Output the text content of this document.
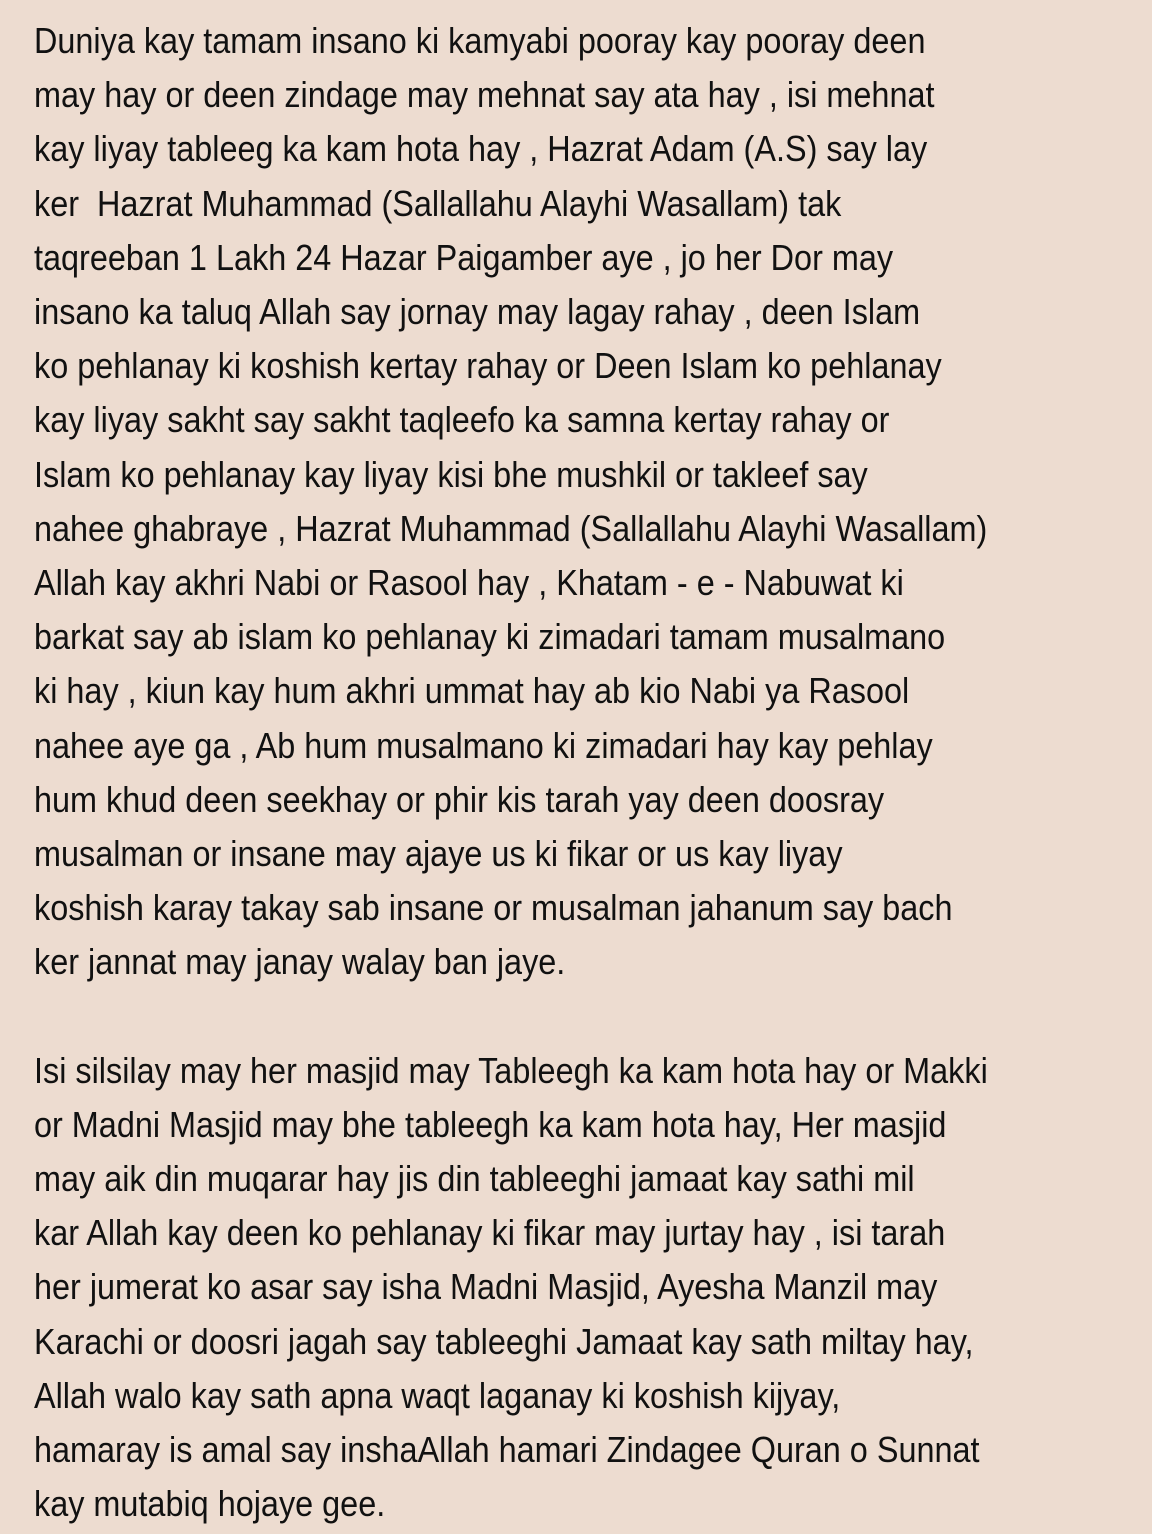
Duniya kay tamam insano ki kamyabi pooray kay pooray deen
may hay or deen zindage may mehnat say ata hay , isi mehnat
kay liyay tableeg ka kam hota hay , Hazrat Adam (A.S) say lay
ker  Hazrat Muhammad (Sallallahu Alayhi Wasallam) tak
taqreeban 1 Lakh 24 Hazar Paigamber aye , jo her Dor may
insano ka taluq Allah say jornay may lagay rahay , deen Islam
ko pehlanay ki koshish kertay rahay or Deen Islam ko pehlanay
kay liyay sakht say sakht taqleefo ka samna kertay rahay or
Islam ko pehlanay kay liyay kisi bhe mushkil or takleef say
nahee ghabraye , Hazrat Muhammad (Sallallahu Alayhi Wasallam)
Allah kay akhri Nabi or Rasool hay , Khatam - e - Nabuwat ki
barkat say ab islam ko pehlanay ki zimadari tamam musalmano
ki hay , kiun kay hum akhri ummat hay ab kio Nabi ya Rasool
nahee aye ga , Ab hum musalmano ki zimadari hay kay pehlay
hum khud deen seekhay or phir kis tarah yay deen doosray
musalman or insane may ajaye us ki fikar or us kay liyay
koshish karay takay sab insane or musalman jahanum say bach
ker jannat may janay walay ban jaye.
Isi silsilay may her masjid may Tableegh ka kam hota hay or Makki
or Madni Masjid may bhe tableegh ka kam hota hay, Her masjid
may aik din muqarar hay jis din tableeghi jamaat kay sathi mil
kar Allah kay deen ko pehlanay ki fikar may jurtay hay , isi tarah
her jumerat ko asar say isha Madni Masjid, Ayesha Manzil may
Karachi or doosri jagah say tableeghi Jamaat kay sath miltay hay,
Allah walo kay sath apna waqt laganay ki koshish kijyay,
hamaray is amal say inshaAllah hamari Zindagee Quran o Sunnat
kay mutabiq hojaye gee.
